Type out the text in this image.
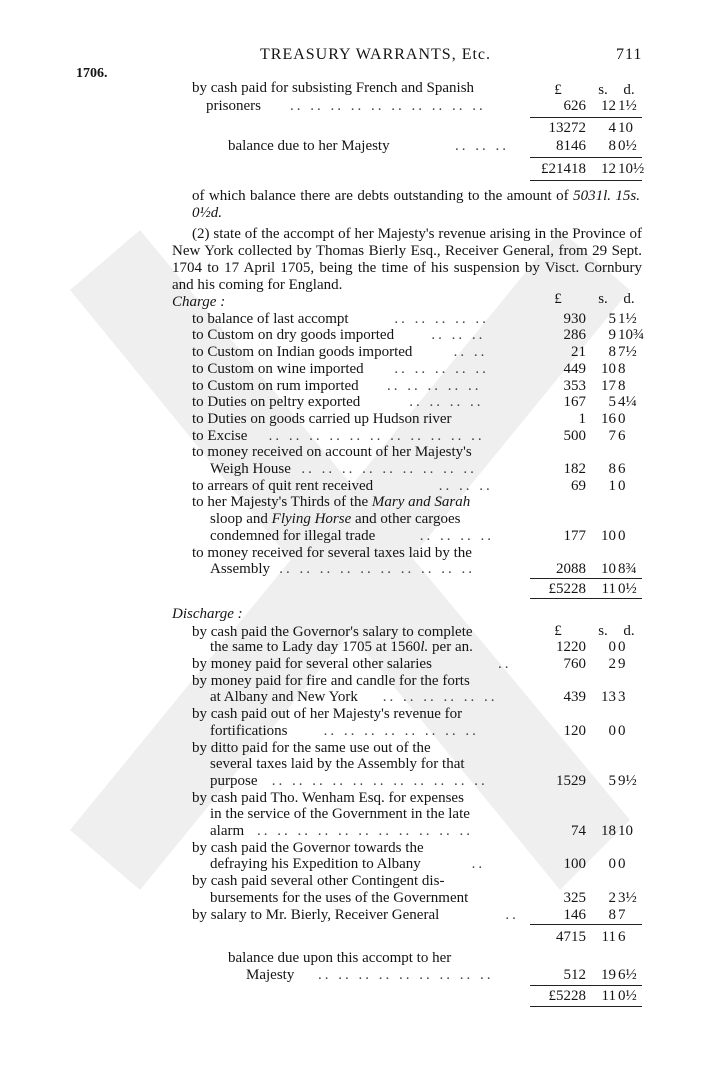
TREASURY WARRANTS, Etc.	711
1706.
by cash paid for subsisting French and Spanish	£	s.	d.
prisoners .. .. .. .. .. .. .. .. .. ..	626	12 1½
13272	4 10
balance due to her Majesty	.. .. ..	8146	8 0½
£21418	12 10½

of which balance there are debts outstanding to the amount of 5031l. 15s. 0½d.

(2) state of the accompt of her Majesty's revenue arising in the Province of New York collected by Thomas Bierly Esq., Receiver General, from 29 Sept. 1704 to 17 April 1705, being the time of his suspension by Visct. Cornbury and his coming for England.
Charge :	£	s.	d.
to balance of last accompt	.. .. .. .. ..	930	5 1½
to Custom on dry goods imported .. .. ..	286	9 10¾
to Custom on Indian goods imported	.. ..	21	8 7½
to Custom on wine imported .. .. .. .. ..	449	10 8
to Custom on rum imported .. .. .. .. ..	353	17 8
to Duties on peltry exported	.. .. .. ..	167	5 4¼
to Duties on goods carried up Hudson river	1	16 0
to Excise .. .. .. .. .. .. .. .. .. .. ..	500	7 6
to money received on account of her Majesty's
Weigh House .. .. .. .. .. .. .. .. ..	182	8 6
to arrears of quit rent received	.. .. ..	69	1 0
to her Majesty's Thirds of the Mary and Sarah
sloop and Flying Horse and other cargoes
condemned for illegal trade	.. .. .. ..	177	10 0
to money received for several taxes laid by the
Assembly .. .. .. .. .. .. .. .. .. ..	2088	10 8¾
£5228	11 0½
Discharge :
£	s.	d.
by cash paid the Governor's salary to complete
the same to Lady day 1705 at 1560l. per an.	1220	0 0
by money paid for several other salaries	..	760	2 9
by money paid for fire and candle for the forts
at Albany and New York .. .. .. .. .. ..	439	13 3
by cash paid out of her Majesty's revenue for
fortifications .. .. .. .. .. .. .. ..	120	0 0
by ditto paid for the same use out of the
several taxes laid by the Assembly for that
purpose .. .. .. .. .. .. .. .. .. .. ..	1529	5 9½
by cash paid Tho. Wenham Esq. for expenses
in the service of the Government in the late
alarm .. .. .. .. .. .. .. .. .. .. ..	74	18 10
by cash paid the Governor towards the
defraying his Expedition to Albany	..	100	0 0
by cash paid several other Contingent dis-
bursements for the uses of the Government	325	2 3½
by salary to Mr. Bierly, Receiver General	..	146	8 7
4715	11 6
balance due upon this accompt to her
Majesty .. .. .. .. .. .. .. .. ..	512	19 6½
£5228	11 0½
